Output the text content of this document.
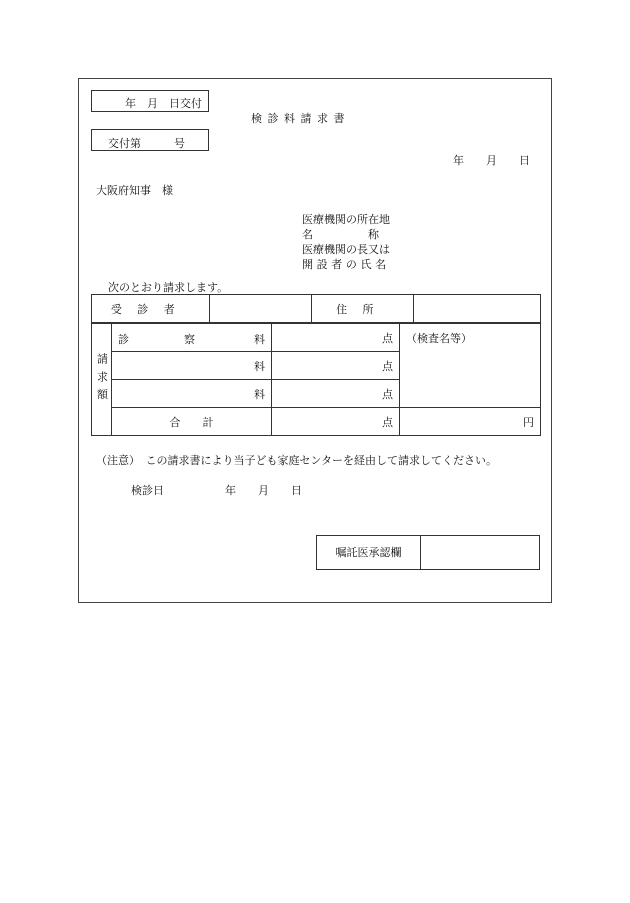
年　月　日交付
交付第　　　号
検診料請求書
年　　月　　日
大阪府知事　様
医療機関の所在地
名　　　　　称
医療機関の長又は
開設者の氏名
次のとおり請求します。
受診者		住所	
請求額	診 察 料	点	（検査名等）
	料	点	
	料	点	
	合　　計	点	円
（注意）　この請求書により当子ども家庭センターを経由して請求してください。
検診日	年　　月　　日
嘱託医承認欄
